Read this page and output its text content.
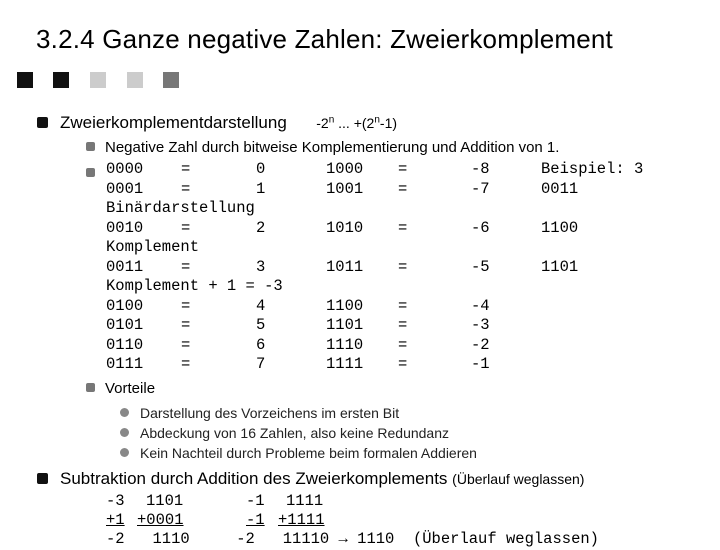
3.2.4 Ganze negative Zahlen: Zweierkomplement
Zweierkomplementdarstellung -2$^n$ ... $+(2^n-1)$
Negative Zahl durch bitweise Komplementierung und Addition von 1.
0000 =	0	1000 =	-8	Beispiel: 3
0001 =	1	1001 =	-7	0011
Binärdarstellung
0010 =	2	1010 =	-6	1100
Komplement
0011 =	3	1011 =	-5	1101
Komplement + 1 = -3
0100 =	4	1100 =	-4
0101 =	5	1101 =	-3
0110 =	6	1110 =	-2
0111 =	7	1111 =	-1
Vorteile
Darstellung des Vorzeichens im ersten Bit
Abdeckung von 16 Zahlen, also keine Redundanz
Kein Nachteil durch Probleme beim formalen Addieren
Subtraktion durch Addition des Zweierkomplements (Überlauf weglassen)
-3 1101	-1 1111
+1 +0001	-1 +1111
-2   1110     -2   11110 → 1110  (Überlauf weglassen)
